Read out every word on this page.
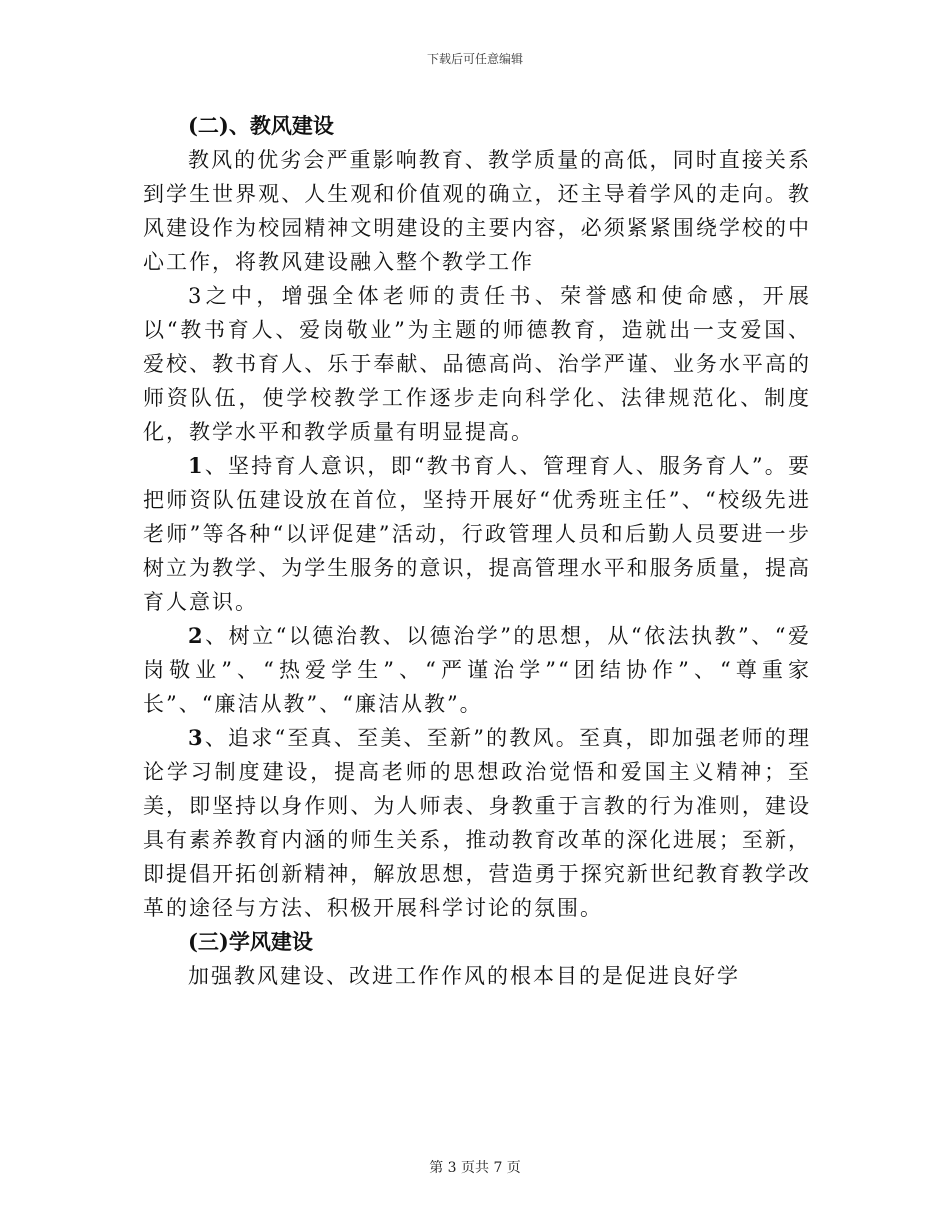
下载后可任意编辑

(二)、教风建设

教风的优劣会严重影响教育、教学质量的高低，同时直接关系到学生世界观、人生观和价值观的确立，还主导着学风的走向。教风建设作为校园精神文明建设的主要内容，必须紧紧围绕学校的中心工作，将教风建设融入整个教学工作

3之中，增强全体老师的责任书、荣誉感和使命感，开展以“教书育人、爱岗敬业”为主题的师德教育，造就出一支爱国、爱校、教书育人、乐于奉献、品德高尚、治学严谨、业务水平高的师资队伍，使学校教学工作逐步走向科学化、法律规范化、制度化，教学水平和教学质量有明显提高。

1、坚持育人意识，即“教书育人、管理育人、服务育人”。要把师资队伍建设放在首位，坚持开展好“优秀班主任”、“校级先进老师”等各种“以评促建”活动，行政管理人员和后勤人员要进一步树立为教学、为学生服务的意识，提高管理水平和服务质量，提高育人意识。

2、树立“以德治教、以德治学”的思想，从“依法执教”、“爱岗敬业”、“热爱学生”、“严谨治学”“团结协作”、“尊重家长”、“廉洁从教”、“廉洁从教”。

3、追求“至真、至美、至新”的教风。至真，即加强老师的理论学习制度建设，提高老师的思想政治觉悟和爱国主义精神；至美，即坚持以身作则、为人师表、身教重于言教的行为准则，建设具有素养教育内涵的师生关系，推动教育改革的深化进展；至新，即提倡开拓创新精神，解放思想，营造勇于探究新世纪教育教学改革的途径与方法、积极开展科学讨论的氛围。

(三)学风建设

加强教风建设、改进工作作风的根本目的是促进良好学

第 3 页共 7 页
